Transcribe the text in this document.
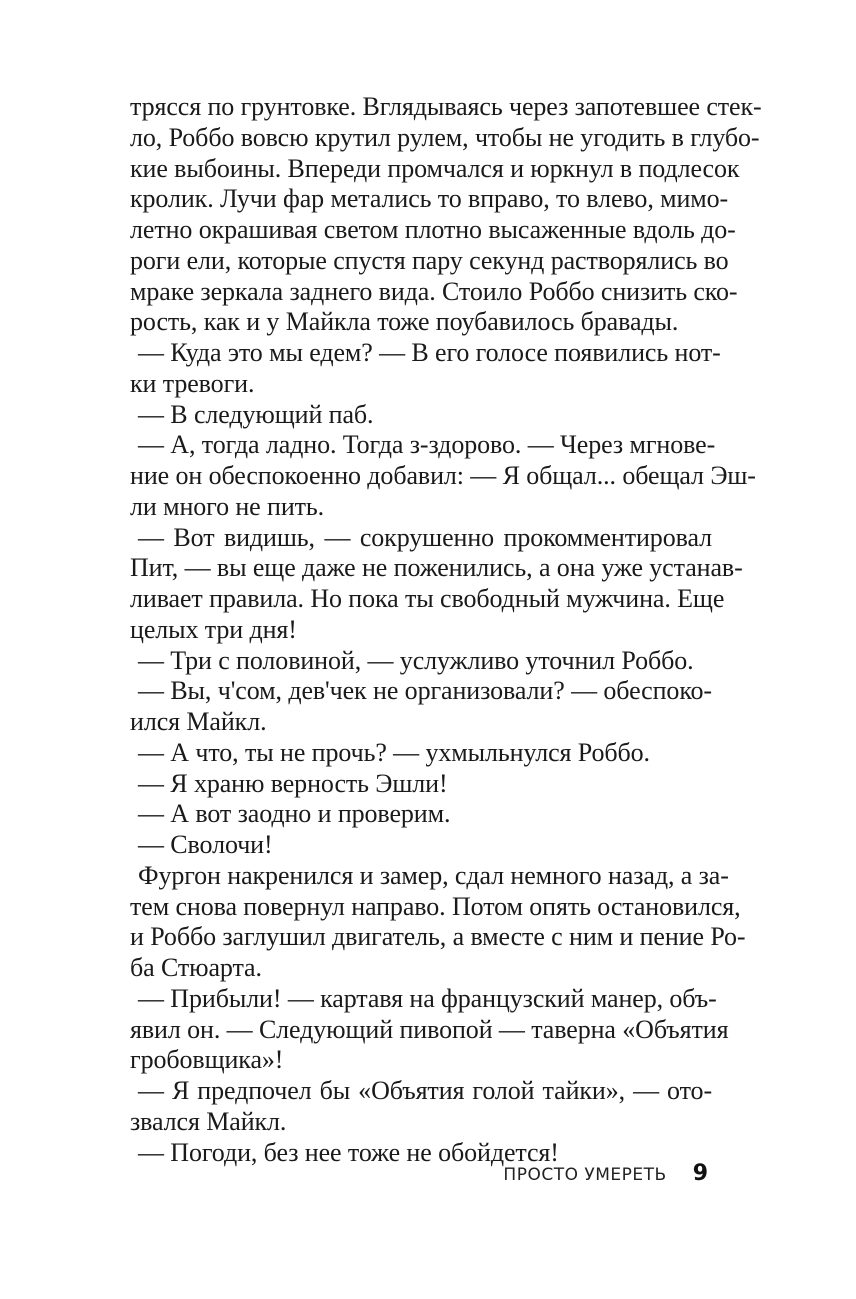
трясся по грунтовке. Вглядываясь через запотевшее стек-
ло, Роббо вовсю крутил рулем, чтобы не угодить в глубо-
кие выбоины. Впереди промчался и юркнул в подлесок
кролик. Лучи фар метались то вправо, то влево, мимо-
летно окрашивая светом плотно высаженные вдоль до-
роги ели, которые спустя пару секунд растворялись во
мраке зеркала заднего вида. Стоило Роббо снизить ско-
рость, как и у Майкла тоже поубавилось бравады.
— Куда это мы едем? — В его голосе появились нот-
ки тревоги.
— В следующий паб.
— А, тогда ладно. Тогда з-здорово. — Через мгнове-
ние он обеспокоенно добавил: — Я общал... обещал Эш-
ли много не пить.
— Вот видишь, — сокрушенно прокомментировал
Пит, — вы еще даже не поженились, а она уже устанав-
ливает правила. Но пока ты свободный мужчина. Еще
целых три дня!
— Три с половиной, — услужливо уточнил Роббо.
— Вы, ч'сом, дев'чек не организовали? — обеспоко-
ился Майкл.
— А что, ты не прочь? — ухмыльнулся Роббо.
— Я храню верность Эшли!
— А вот заодно и проверим.
— Сволочи!
Фургон накренился и замер, сдал немного назад, а за-
тем снова повернул направо. Потом опять остановился,
и Роббо заглушил двигатель, а вместе с ним и пение Ро-
ба Стюарта.
— Прибыли! — картавя на французский манер, объ-
явил он. — Следующий пивопой — таверна «Объятия
гробовщика»!
— Я предпочел бы «Объятия голой тайки», — ото-
звался Майкл.
— Погоди, без нее тоже не обойдется!
ПРОСТО УМЕРЕТЬ 9
